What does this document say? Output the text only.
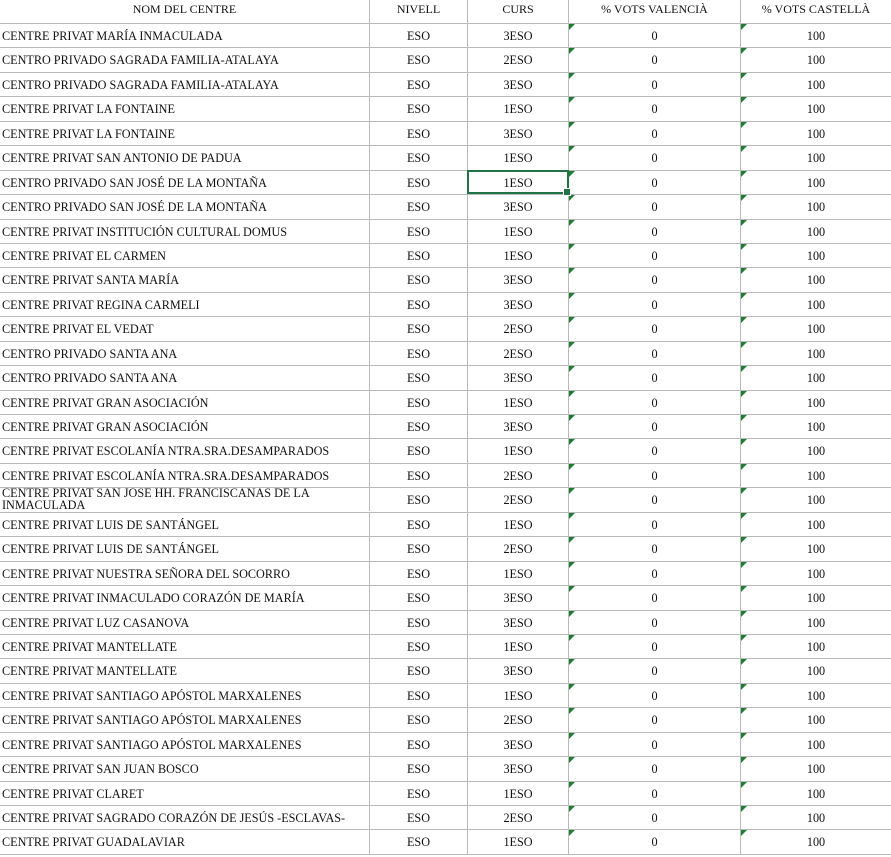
NOM DEL CENTRE	NIVELL	CURS	% VOTS VALENCIÀ	% VOTS CASTELLÀ
CENTRE PRIVAT MARÍA INMACULADA	ESO	3ESO	0	100
CENTRO PRIVADO SAGRADA FAMILIA-ATALAYA	ESO	2ESO	0	100
CENTRO PRIVADO SAGRADA FAMILIA-ATALAYA	ESO	3ESO	0	100
CENTRE PRIVAT LA FONTAINE	ESO	1ESO	0	100
CENTRE PRIVAT LA FONTAINE	ESO	3ESO	0	100
CENTRE PRIVAT SAN ANTONIO DE PADUA	ESO	1ESO	0	100
CENTRO PRIVADO SAN JOSÉ DE LA MONTAÑA	ESO	1ESO	0	100
CENTRO PRIVADO SAN JOSÉ DE LA MONTAÑA	ESO	3ESO	0	100
CENTRE PRIVAT INSTITUCIÓN CULTURAL DOMUS	ESO	1ESO	0	100
CENTRE PRIVAT EL CARMEN	ESO	1ESO	0	100
CENTRE PRIVAT SANTA MARÍA	ESO	3ESO	0	100
CENTRE PRIVAT REGINA CARMELI	ESO	3ESO	0	100
CENTRE PRIVAT EL VEDAT	ESO	2ESO	0	100
CENTRO PRIVADO SANTA ANA	ESO	2ESO	0	100
CENTRO PRIVADO SANTA ANA	ESO	3ESO	0	100
CENTRE PRIVAT GRAN ASOCIACIÓN	ESO	1ESO	0	100
CENTRE PRIVAT GRAN ASOCIACIÓN	ESO	3ESO	0	100
CENTRE PRIVAT ESCOLANÍA NTRA.SRA.DESAMPARADOS	ESO	1ESO	0	100
CENTRE PRIVAT ESCOLANÍA NTRA.SRA.DESAMPARADOS	ESO	2ESO	0	100
CENTRE PRIVAT SAN JOSE HH. FRANCISCANAS DE LA INMACULADA	ESO	2ESO	0	100
CENTRE PRIVAT LUIS DE SANTÁNGEL	ESO	1ESO	0	100
CENTRE PRIVAT LUIS DE SANTÁNGEL	ESO	2ESO	0	100
CENTRE PRIVAT NUESTRA SEÑORA DEL SOCORRO	ESO	1ESO	0	100
CENTRE PRIVAT INMACULADO CORAZÓN DE MARÍA	ESO	3ESO	0	100
CENTRE PRIVAT LUZ CASANOVA	ESO	3ESO	0	100
CENTRE PRIVAT MANTELLATE	ESO	1ESO	0	100
CENTRE PRIVAT MANTELLATE	ESO	3ESO	0	100
CENTRE PRIVAT SANTIAGO APÓSTOL MARXALENES	ESO	1ESO	0	100
CENTRE PRIVAT SANTIAGO APÓSTOL MARXALENES	ESO	2ESO	0	100
CENTRE PRIVAT SANTIAGO APÓSTOL MARXALENES	ESO	3ESO	0	100
CENTRE PRIVAT SAN JUAN BOSCO	ESO	3ESO	0	100
CENTRE PRIVAT CLARET	ESO	1ESO	0	100
CENTRE PRIVAT SAGRADO CORAZÓN DE JESÚS -ESCLAVAS-	ESO	2ESO	0	100
CENTRE PRIVAT GUADALAVIAR	ESO	1ESO	0	100
